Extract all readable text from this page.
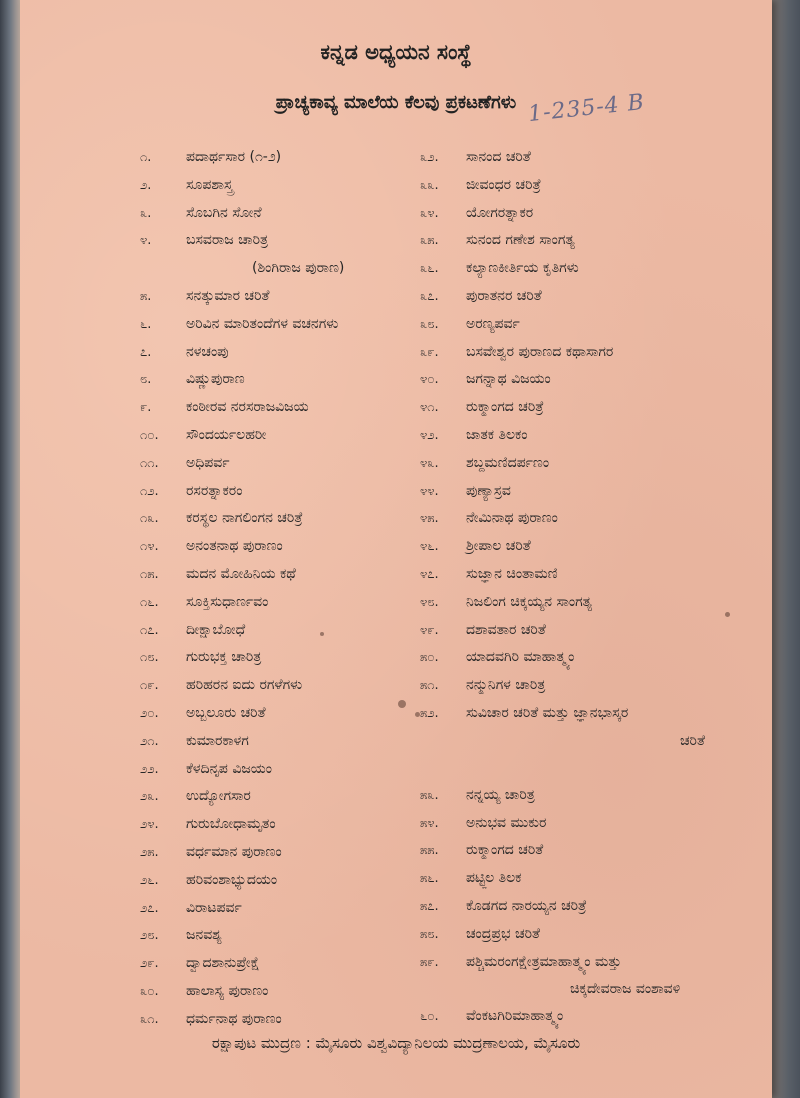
ಕನ್ನಡ ಅಧ್ಯಯನ ಸಂಸ್ಥೆ
ಪ್ರಾಚ್ಯಕಾವ್ಯ ಮಾಲೆಯ ಕೆಲವು ಪ್ರಕಟಣೆಗಳು 1-235-4 B
೧.	ಪದಾರ್ಥಸಾರ (೧-೨)
೨.	ಸೂಪಶಾಸ್ತ್ರ
೩.	ಸೊಬಗಿನ ಸೋನೆ
೪.	ಬಸವರಾಜ ಚಾರಿತ್ರ
(ಶಿಂಗಿರಾಜ ಪುರಾಣ)
೫.	ಸನತ್ಕುಮಾರ ಚರಿತೆ
೬.	ಅರಿವಿನ ಮಾರಿತಂದೆಗಳ ವಚನಗಳು
೭.	ನಳಚಂಪು
೮.	ವಿಷ್ಣುಪುರಾಣ
೯.	ಕಂಠೀರವ ನರಸರಾಜವಿಜಯ
೧೦.	ಸೌಂದರ್ಯಲಹರೀ
೧೧.	ಅಧಿಪರ್ವ
೧೨.	ರಸರತ್ನಾಕರಂ
೧೩.	ಕರಸ್ಥಲ ನಾಗಲಿಂಗನ ಚರಿತ್ರೆ
೧೪.	ಅನಂತನಾಥ ಪುರಾಣಂ
೧೫.	ಮದನ ಮೋಹಿನಿಯ ಕಥೆ
೧೬.	ಸೂಕ್ತಿಸುಧಾರ್ಣವಂ
೧೭.	ದೀಕ್ಷಾಬೋಧೆ
೧೮.	ಗುರುಭಕ್ತ ಚಾರಿತ್ರ
೧೯.	ಹರಿಹರನ ಐದು ರಗಳೆಗಳು
೨೦.	ಅಬ್ಬಲೂರು ಚರಿತೆ
೨೧.	ಕುಮಾರಕಾಳಗ
೨೨.	ಕೆಳದಿನೃಪ ವಿಜಯಂ
೨೩.	ಉದ್ಯೋಗಸಾರ
೨೪.	ಗುರುಬೋಧಾಮೃತಂ
೨೫.	ವರ್ಧಮಾನ ಪುರಾಣಂ
೨೬.	ಹರಿವಂಶಾಭ್ಯುದಯಂ
೨೭.	ವಿರಾಟಪರ್ವ
೨೮.	ಜನವಶ್ಯ
೨೯.	ದ್ವಾದಶಾನುಪ್ರೇಕ್ಷೆ
೩೦.	ಹಾಲಾಸ್ಯ ಪುರಾಣಂ
೩೧.	ಧರ್ಮನಾಥ ಪುರಾಣಂ
೩೨.	ಸಾನಂದ ಚರಿತೆ
೩೩.	ಜೀವಂಧರ ಚರಿತ್ರೆ
೩೪.	ಯೋಗರತ್ನಾಕರ
೩೫.	ಸುನಂದ ಗಣೇಶ ಸಾಂಗತ್ಯ
೩೬.	ಕಲ್ಯಾಣಕೀರ್ತಿಯ ಕೃತಿಗಳು
೩೭.	ಪುರಾತನರ ಚರಿತೆ
೩೮.	ಅರಣ್ಯಪರ್ವ
೩೯.	ಬಸವೇಶ್ವರ ಪುರಾಣದ ಕಥಾಸಾಗರ
೪೦.	ಜಗನ್ನಾಥ ವಿಜಯಂ
೪೧.	ರುಕ್ಮಾಂಗದ ಚರಿತ್ರೆ
೪೨.	ಜಾತಕ ತಿಲಕಂ
೪೩.	ಶಬ್ದಮಣಿದರ್ಪಣಂ
೪೪.	ಪುಣ್ಯಾಸ್ರವ
೪೫.	ನೇಮಿನಾಥ ಪುರಾಣಂ
೪೬.	ಶ್ರೀಪಾಲ ಚರಿತೆ
೪೭.	ಸುಜ್ಞಾನ ಚಿಂತಾಮಣಿ
೪೮.	ನಿಜಲಿಂಗ ಚಿಕ್ಕಯ್ಯನ ಸಾಂಗತ್ಯ
೪೯.	ದಶಾವತಾರ ಚರಿತೆ
೫೦.	ಯಾದವಗಿರಿ ಮಾಹಾತ್ಮ್ಯಂ
೫೧.	ನನ್ಮುನಿಗಳ ಚಾರಿತ್ರ
೫೨.	ಸುವಿಚಾರ ಚರಿತೆ ಮತ್ತು ಜ್ಞಾನಭಾಸ್ಕರ
ಚರಿತೆ
೫೩.	ನನ್ನಯ್ಯ ಚಾರಿತ್ರ
೫೪.	ಅನುಭವ ಮುಕುರ
೫೫.	ರುಕ್ಮಾಂಗದ ಚರಿತೆ
೫೬.	ಪಟ್ಟ್ಲಿಲ ತಿಲಕ
೫೭.	ಕೊಡಗದ ನಾರಯ್ಯನ ಚರಿತ್ರೆ
೫೮.	ಚಂದ್ರಪ್ರಭ ಚರಿತೆ
೫೯.	ಪಶ್ಚಿಮರಂಗಕ್ಷೇತ್ರಮಾಹಾತ್ಮ್ಯಂ ಮತ್ತು
ಚಿಕ್ಕದೇವರಾಜ ವಂಶಾವಳಿ
೬೦.	ವೆಂಕಟಗಿರಿಮಾಹಾತ್ಮ್ಯಂ
ರಕ್ಷಾಪುಟ ಮುದ್ರಣ : ಮೈಸೂರು ವಿಶ್ವವಿದ್ಯಾನಿಲಯ ಮುದ್ರಣಾಲಯ, ಮೈಸೂರು
